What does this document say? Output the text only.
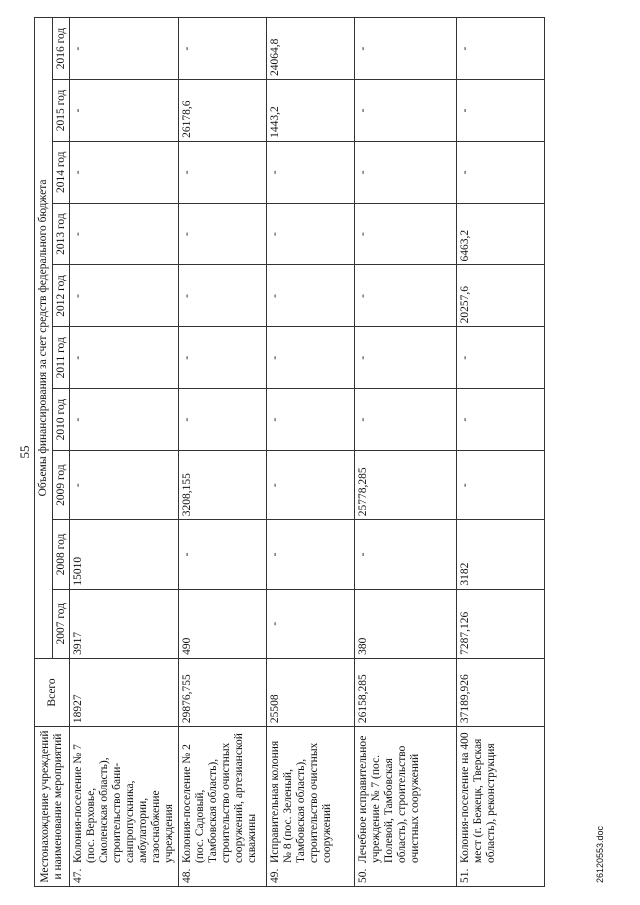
55
Местонахождение учреждений и наименование мероприятий	Всего	Объемы финансирования за счет средств федерального бюджета									
		2007 год	2008 год	2009 год	2010 год	2011 год	2012 год	2013 год	2014 год	2015 год	2016 год
47.Колония-поселение № 7 (пос. Верховье, Смоленская область), строительство бани-санпропускника, амбулатории, газоснабжение учреждения	18927	3917	15010	-	-	-	-	-	-	-	-
48.Колония-поселение № 2 (пос. Садовый, Тамбовская область), строительство очистных сооружений, артезианской скважины	29876,755	490	-	3208,155	-	-	-	-	-	26178,6	-
49.Исправительная колония № 8 (пос. Зеленый, Тамбовская область), строительство очистных сооружений	25508	-	-	-	-	-	-	-	-	1443,2	24064,8
50.Лечебное исправительное учреждение № 7 (пос. Полевой, Тамбовская область), строительство очистных сооружений	26158,285	380	-	25778,285	-	-	-	-	-	-	-
51.Колония-поселение на 400 мест (г. Бежецк, Тверская область), реконструкция	37189,926	7287,126	3182	-	-	-	20257,6	6463,2	-	-	-
26120553.doc
